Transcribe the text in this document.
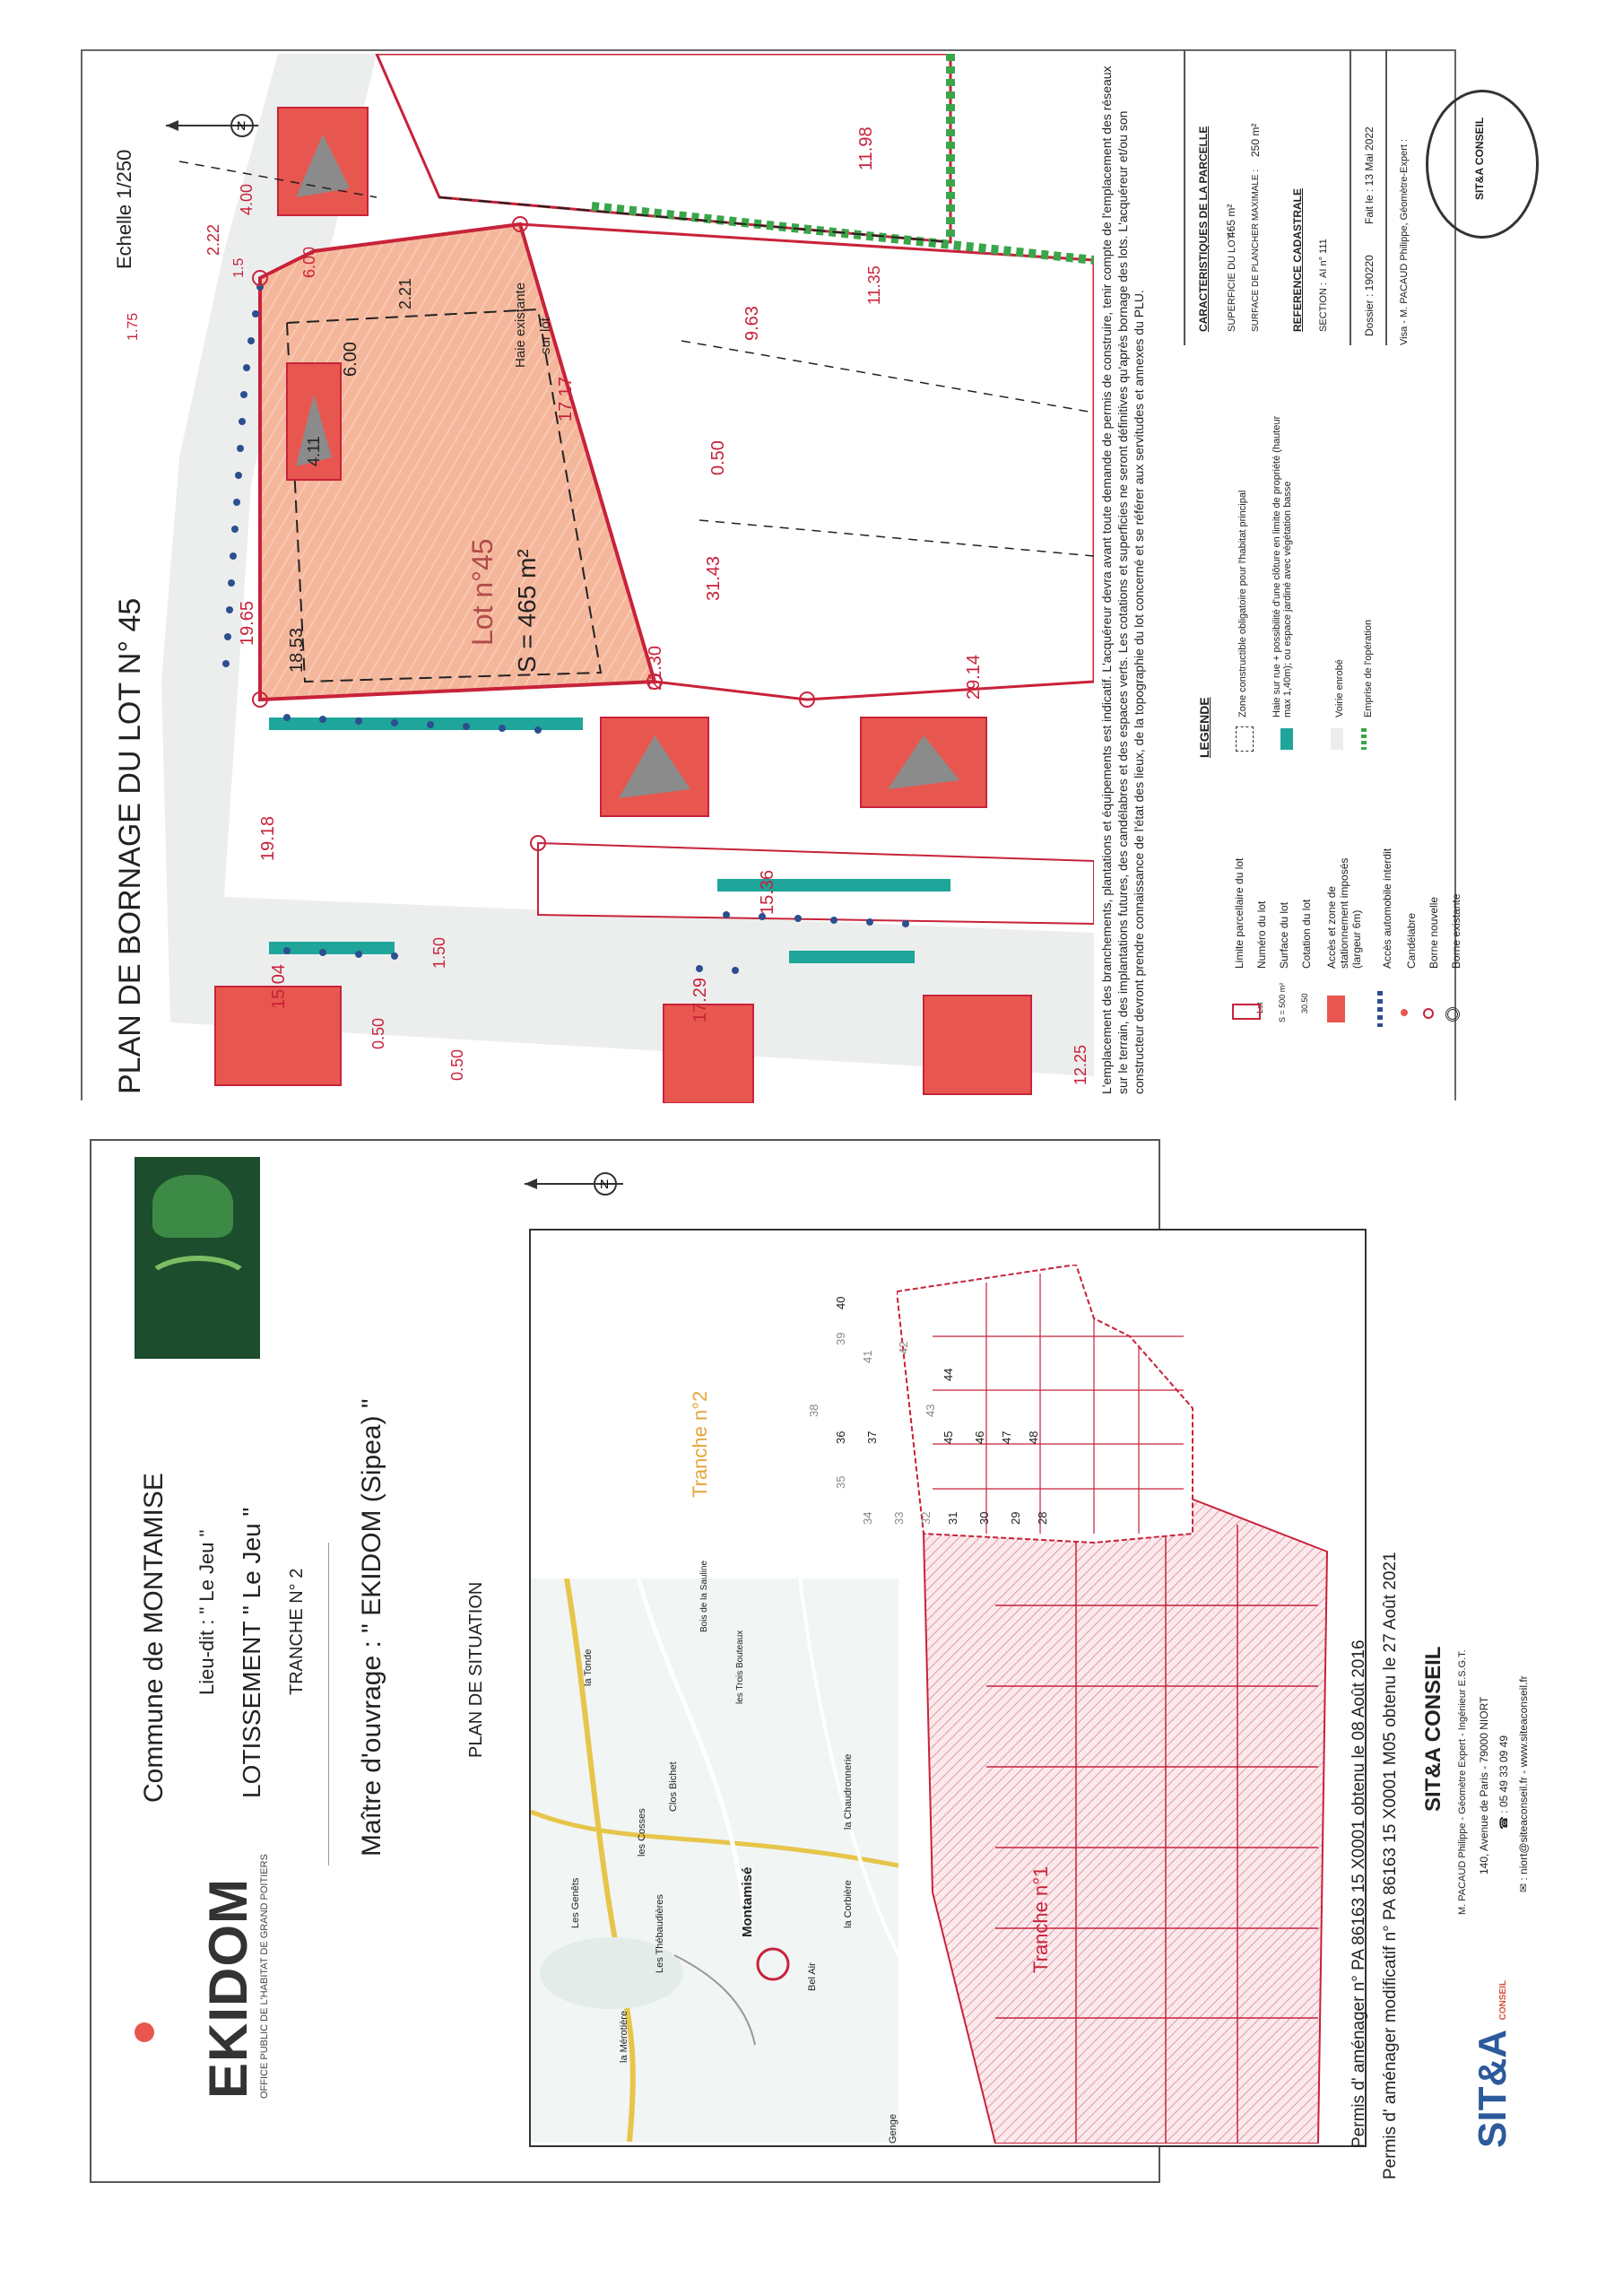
EKIDOM OFFICE PUBLIC DE L'HABITAT DE GRAND POITIERS
Commune de MONTAMISE Lieu-dit : " Le Jeu " LOTISSEMENT " Le Jeu " TRANCHE N° 2 Maître d'ouvrage : " EKIDOM (Sipea) "	PLAN DE SITUATION
N
Montamisé
Les Genêts
les Cosses
la Chaudronnerie
Les Thébaudières
la Mérotière
Bois de la Sauline
les Trois Bouteaux
la Tonde
Genge
Bel Air
la Corbière
Clos Bichet
28
29
30
31
32
33
34
35
36 37
38
39
40
41
42
43
44
45 46 47 48
Tranche n°2
Tranche n°1	Permis d' aménager n° PA 86163 15 X0001 obtenu le 08 Août 2016 Permis d' aménager modificatif n° PA 86163 15 X0001 M05 obtenu le 27 Août 2021 SIT&A CONSEIL M. PACAUD Philippe - Géomètre Expert - Ingénieur E.S.G.T. 140, Avenue de Paris - 79000 NIORT ☎ : 05 49 33 09 49 ✉ : niort@siteaconseil.fr - www.siteaconseil.fr
SIT&A CONSEIL
PLAN DE BORNAGE DU LOT N° 45
Echelle 1/250
N
Lot n°45 S = 465 m²
Haie existante sur lot
19.65
18.53
4.11
6.00
17.17
2.21
6.00
2.22
1.5
4.00
1.75
21.30
31.43
0.50
9.63
11.35
11.98
19.18
15.36
29.14
15.04
1.50
0.50
0.50
17.29
12.25 L'emplacement des branchements, plantations et équipements est indicatif. L'acquéreur devra avant toute demande de permis de construire, tenir compte de l'emplacement des réseaux sur le terrain, des implantations futures, des candélabres et des espaces verts. Les cotations et superficies ne seront définitives qu'après bornage des lots. L'acquéreur et/ou son constructeur devront prendre connaissance de l'état des lieux, de la topographie du lot concerné et se référer aux servitudes et annexes du PLU.	LEGENDE
Limite parcellaire du lot Numéro du lot Surface du lot Cotation du lot Accès et zone de stationnement imposés (largeur 6m) Accès automobile interdit Candélabre Borne nouvelle Borne existante
Zone constructible obligatoire pour l'habitat principal Haie sur rue + possibilité d'une clôture en limite de propriété (hauteur max 1,40m); ou espace jardiné avec végétation basse	Voirie enrobé Emprise de l'opération
Lot S = 500 m² 30.50
CARACTERISTIQUES DE LA PARCELLE SUPERFICIE DU LOT :
465 m² SURFACE DE PLANCHER MAXIMALE :
250 m²
REFERENCE CADASTRALE SECTION :
AI n° 111	Dossier : 190220
Fait le : 13 Mai 2022 Visa - M. PACAUD Philippe, Géomètre-Expert :	SIT&A CONSEIL
